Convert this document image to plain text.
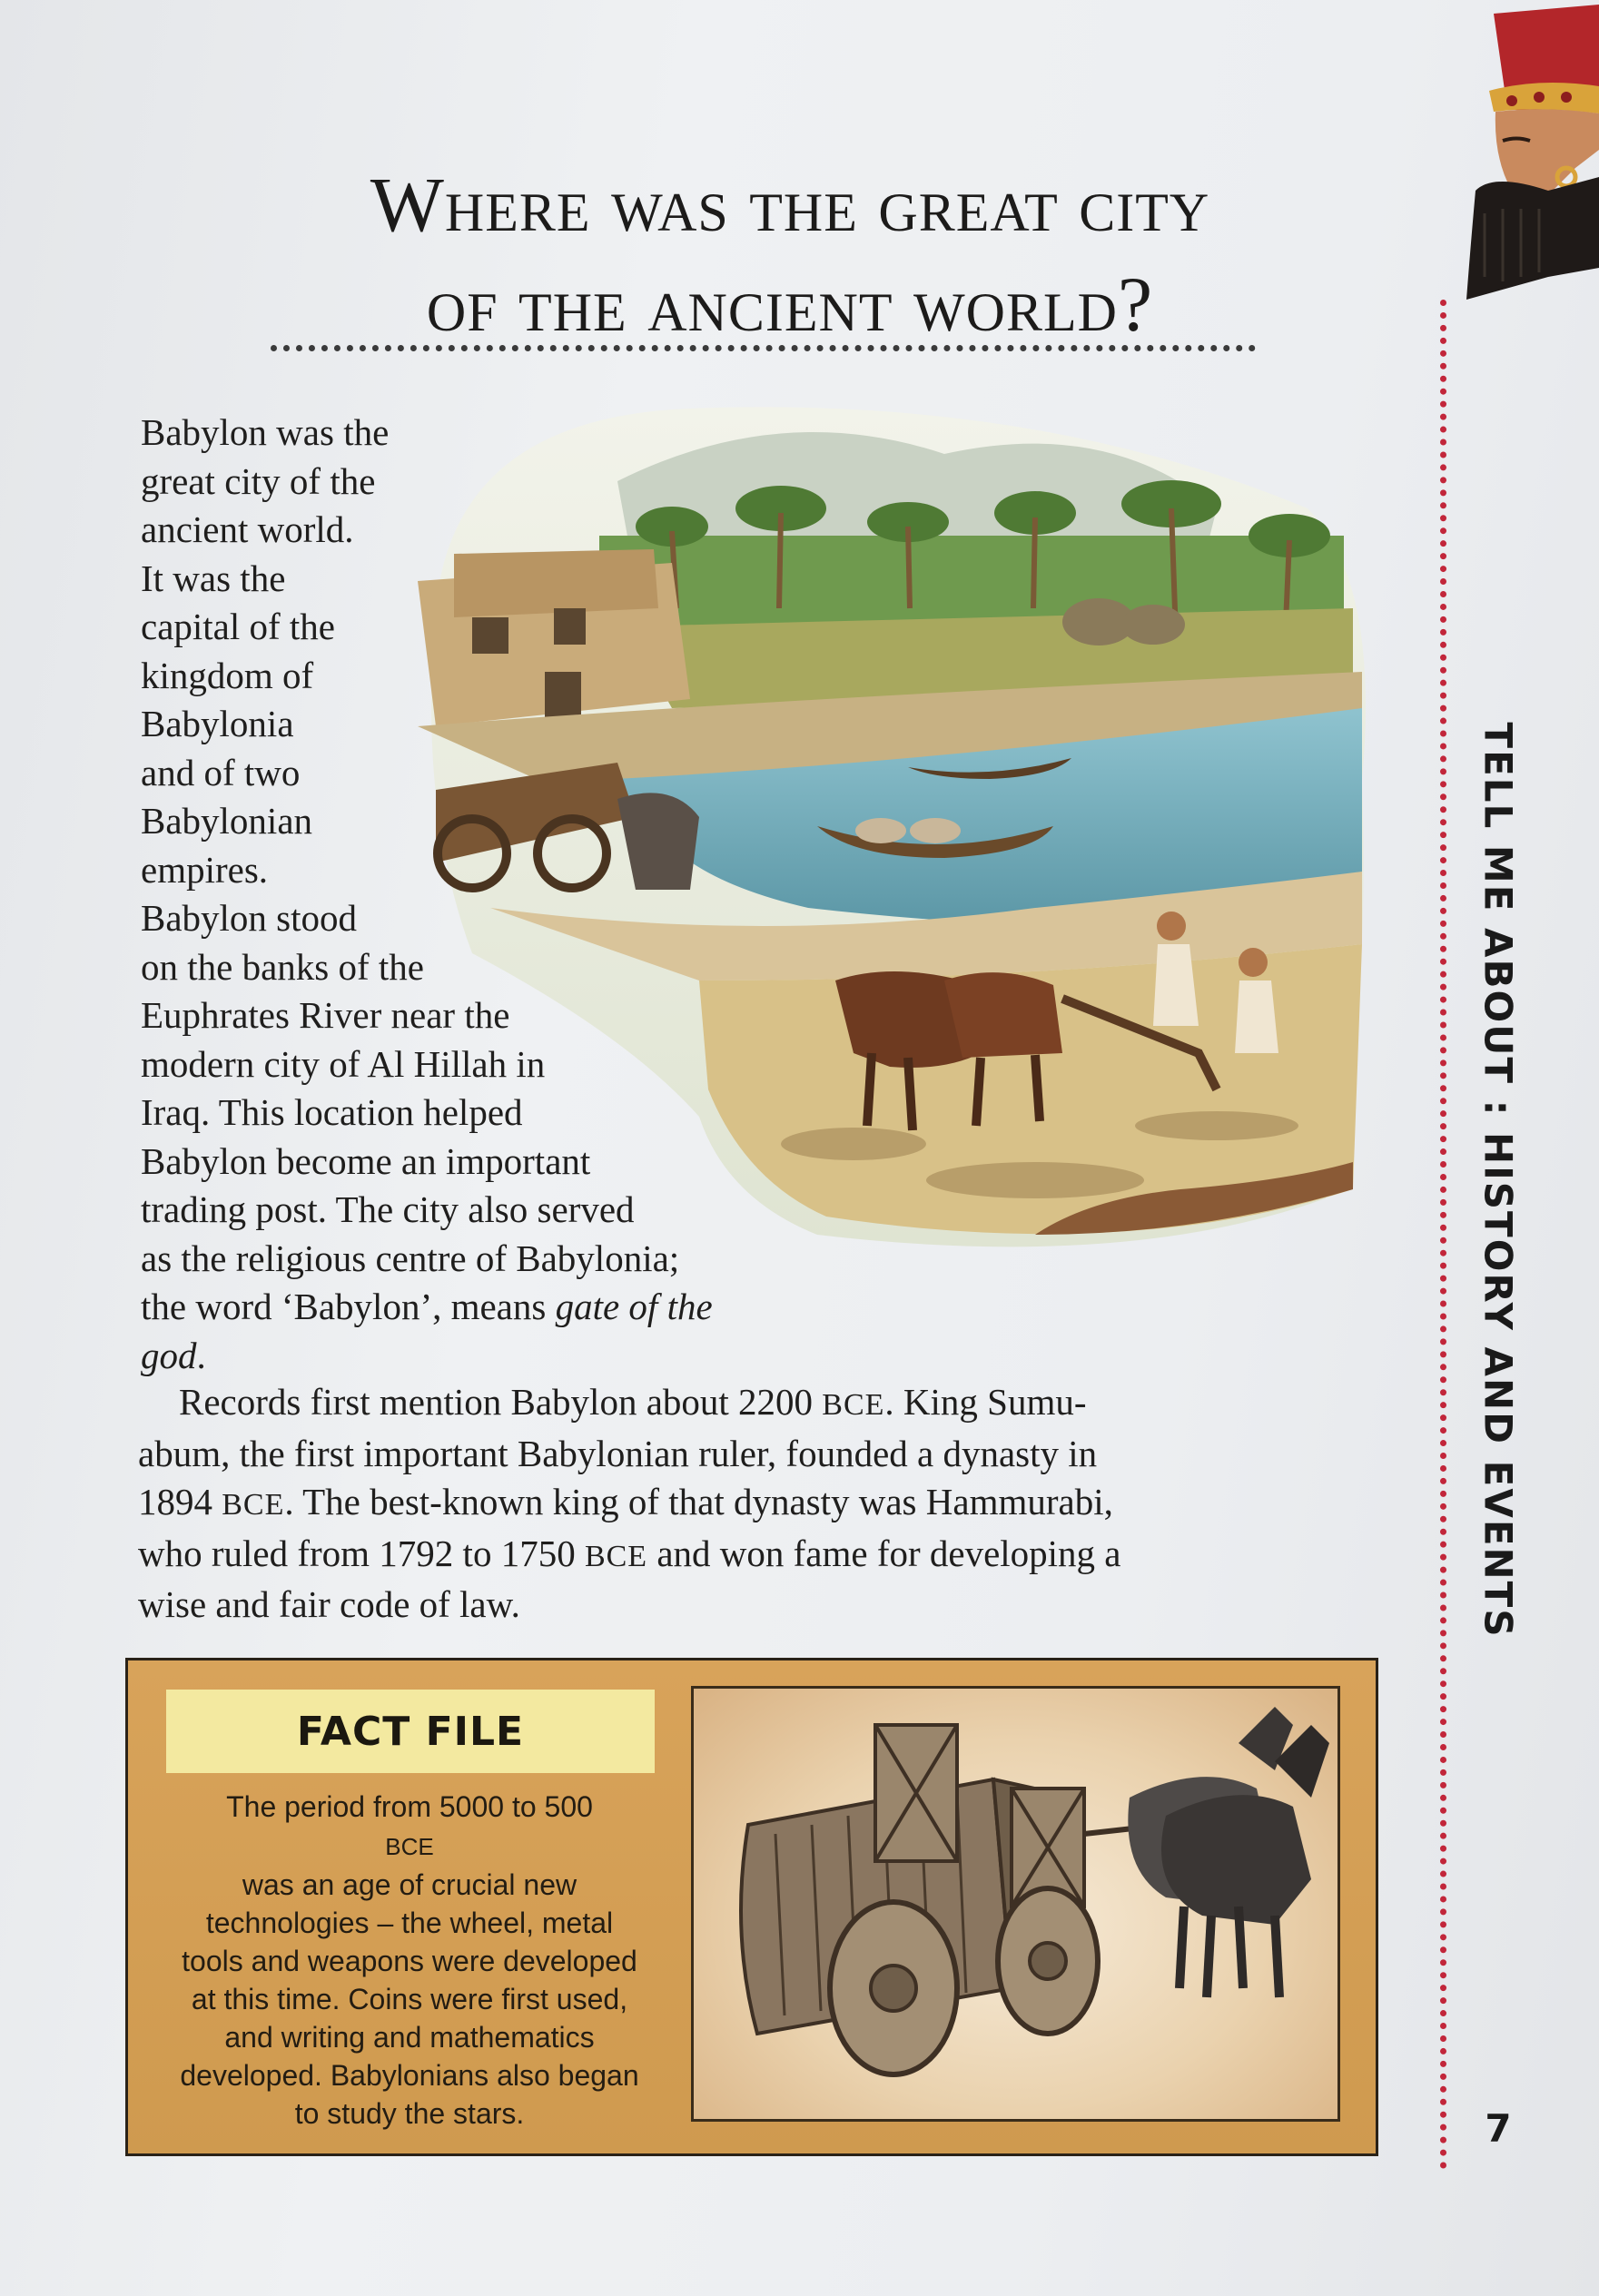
Where was the great city
of the ancient world?
Babylon was the
great city of the
ancient world.
It was the
capital of the
kingdom of
Babylonia
and of two
Babylonian
empires.
Babylon stood
on the banks of the
Euphrates River near the
modern city of Al Hillah in
Iraq. This location helped
Babylon become an important
trading post. The city also served
as the religious centre of Babylonia;
the word ‘Babylon’, means gate of the
god.
Records first mention Babylon about 2200 BCE. King Sumu-
abum, the first important Babylonian ruler, founded a dynasty in
1894 BCE. The best-known king of that dynasty was Hammurabi,
who ruled from 1792 to 1750 BCE and won fame for developing a
wise and fair code of law.
FACT FILE
The period from 5000 to 500
BCE
was an age of crucial new
technologies – the wheel, metal
tools and weapons were developed
at this time. Coins were first used,
and writing and mathematics
developed. Babylonians also began
to study the stars.
TELL ME ABOUT : HISTORY AND EVENTS
7
